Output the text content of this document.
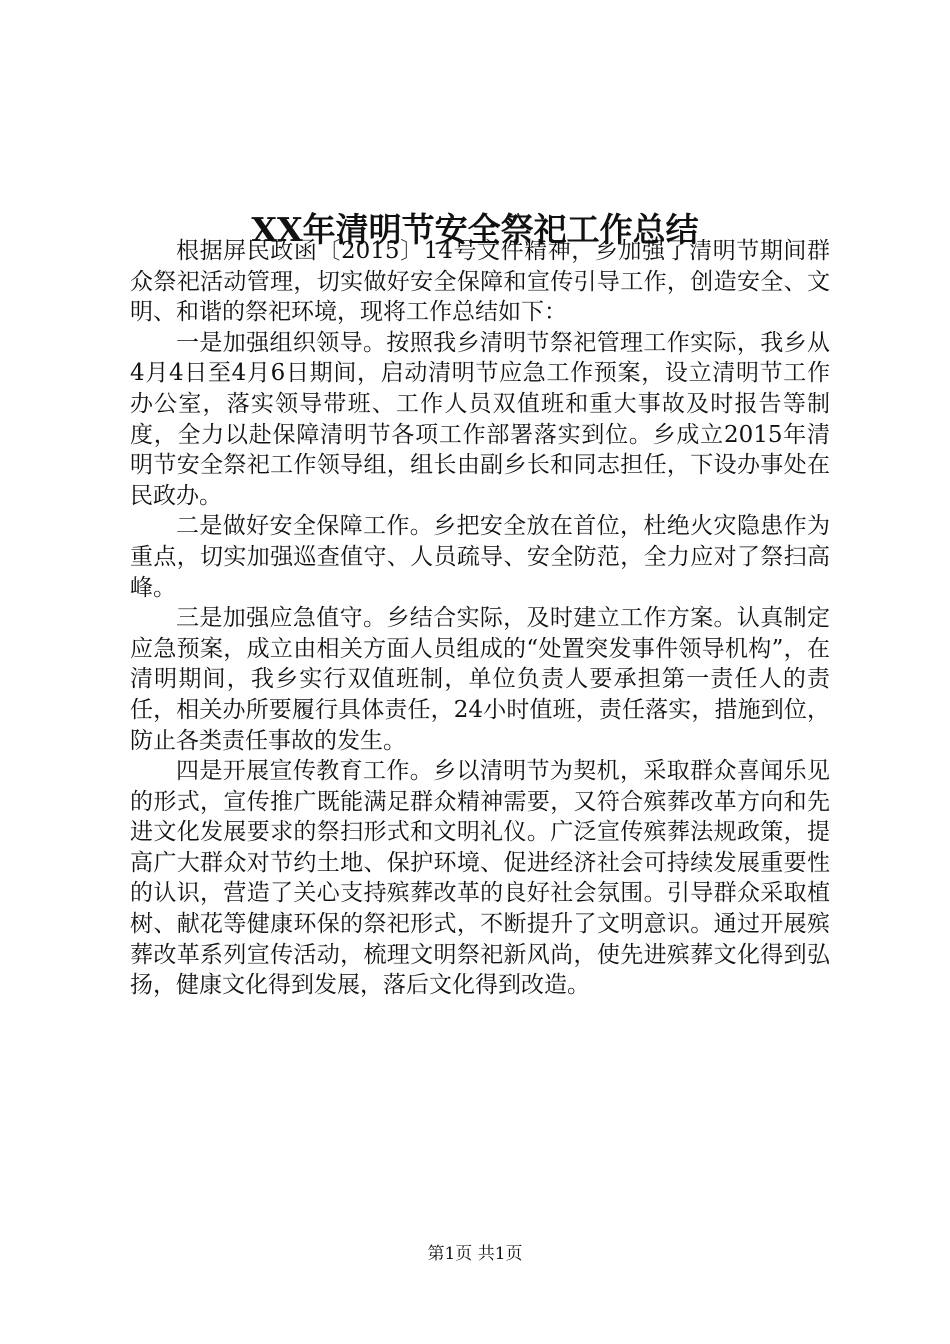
XX年清明节安全祭祀工作总结

根据屏民政函〔2015〕14号文件精神，乡加强了清明节期间群众祭祀活动管理，切实做好安全保障和宣传引导工作，创造安全、文明、和谐的祭祀环境，现将工作总结如下：

一是加强组织领导。按照我乡清明节祭祀管理工作实际，我乡从4月4日至4月6日期间，启动清明节应急工作预案，设立清明节工作办公室，落实领导带班、工作人员双值班和重大事故及时报告等制度，全力以赴保障清明节各项工作部署落实到位。乡成立2015年清明节安全祭祀工作领导组，组长由副乡长和同志担任，下设办事处在民政办。

二是做好安全保障工作。乡把安全放在首位，杜绝火灾隐患作为重点，切实加强巡查值守、人员疏导、安全防范，全力应对了祭扫高峰。

三是加强应急值守。乡结合实际，及时建立工作方案。认真制定应急预案，成立由相关方面人员组成的“处置突发事件领导机构”，在清明期间，我乡实行双值班制，单位负责人要承担第一责任人的责任，相关办所要履行具体责任，24小时值班，责任落实，措施到位，防止各类责任事故的发生。

四是开展宣传教育工作。乡以清明节为契机，采取群众喜闻乐见的形式，宣传推广既能满足群众精神需要，又符合殡葬改革方向和先进文化发展要求的祭扫形式和文明礼仪。广泛宣传殡葬法规政策，提高广大群众对节约土地、保护环境、促进经济社会可持续发展重要性的认识，营造了关心支持殡葬改革的良好社会氛围。引导群众采取植树、献花等健康环保的祭祀形式，不断提升了文明意识。通过开展殡葬改革系列宣传活动，梳理文明祭祀新风尚，使先进殡葬文化得到弘扬，健康文化得到发展，落后文化得到改造。

第1页 共1页
